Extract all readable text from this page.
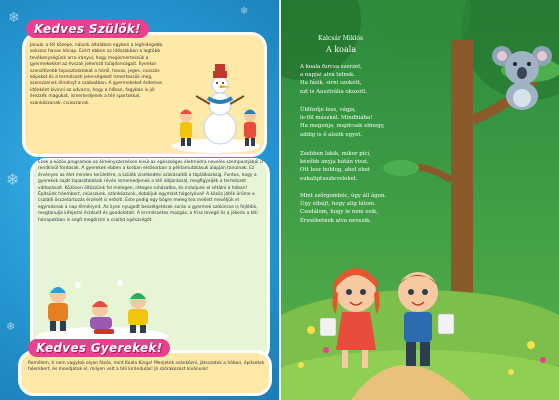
❄	❄
❄
❄
Kedves Szülők!
Január a tél közepe, nálunk általában egyben a leghidegebb, sokszor havas hónap. Ezért ebben az időszakban a legtöbb tevékenységünk arra irányul, hogy megismertessük a gyermekekkel az évszak jellemző tulajdonságait. Ilyenkor szenzitívebb tapasztalatokat a hóról, havas, jeges, csúszós képeket és a természeti jelenségeket ismertessük meg, szerezzenek élményt a szabadban. A gyermekeket érdemes időnként kivinni az udvarra, hogy a hóban, fagyban is jól érezzék magukat, ismerkedjenek a téli sportokkal, szánkózzanak, csússzanak.
Ezek a közös programok az élményszerzésen kívül az egészséges életmódra nevelés szempontjából is rendkívül fontosak. A gyerekek ebben a korban elsősorban a példamutatásuk alapján tanulnak. Ez érvényes az élet minden területére, a szülők viselkedési szokásaitól a táplálkozásig. Fontos, hogy a gyerekek saját tapasztalataik révén ismerkedjenek a téli időjárással, megfigyeljék a természet változásait. Közösen öltözzünk fel melegen, réteges ruházatba, és induljunk el sétálni a hóban! Építsünk hóembert, csússzunk, szánkózzunk, dobáljuk egymást hógolyóval! A közös játék öröme a családi összetartozás érzését is erősíti. Este pedig egy bögre meleg tea mellett meséljük el egymásnak a nap élményeit. Az ilyen nyugodt beszélgetések során a gyermek szókincse is fejlődik, megtanulja kifejezni érzéseit és gondolatait. A természetes mozgás, a friss levegő és a jókedv a téli hónapokban is segít megőrizni a család egészségét.
Kedves Gyerekek!
Remélem, ti nem vagytok olyan fázós, mint Koala Kinga! Menjetek szánkózni, játsszatok a hóban, építsetek hóembert, és mondjátok el, milyen volt a téli kirándulás! Jó szórakozást kívánunk!
Kalcsár Miklós
A koala
A koala furcsa szerzet,
a napjai alva telnek.
Ha fázik, sírni szokott,
ezt is Ausztrália okozott.
Üldözője lesz, vágja,
le-föl mászkál. Mindhiába!
Ha megunja, majdcsak elmegy,
addig is ő alszik egyet.
Zsebben lakik, mikor pici,
később anyja hátán viszi.
Ott lesz boldog, ahol ehet
eukaliptuszleveleket.
Mint szőrgombóc, úgy áll ágon.
Úgy elbújt, hogy alig látom.
Csodálom, hogy le nem esik,
Érzsébetnek alva nevezik.
